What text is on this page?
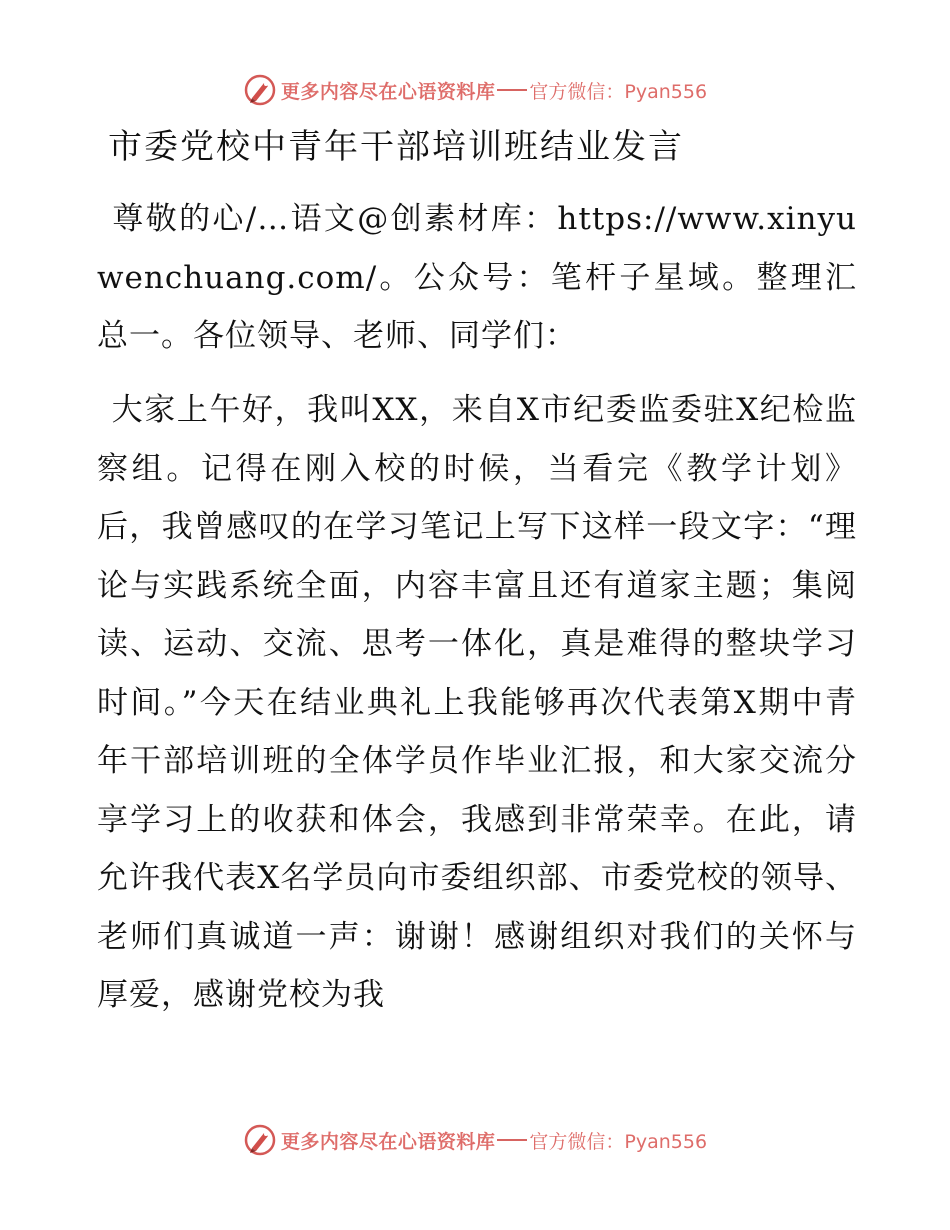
更多内容尽在心语资料库 官方微信：Pyan556
市委党校中青年干部培训班结业发言

尊敬的心/…语文@创素材库：https://www.xinyuwenchuang.com/。公众号：笔杆子星域。整理汇总一。各位领导、老师、同学们：

大家上午好，我叫XX，来自X市纪委监委驻X纪检监察组。记得在刚入校的时候，当看完《教学计划》后，我曾感叹的在学习笔记上写下这样一段文字：“理论与实践系统全面，内容丰富且还有道家主题；集阅读、运动、交流、思考一体化，真是难得的整块学习时间。”今天在结业典礼上我能够再次代表第X期中青年干部培训班的全体学员作毕业汇报，和大家交流分享学习上的收获和体会，我感到非常荣幸。在此，请允许我代表X名学员向市委组织部、市委党校的领导、老师们真诚道一声：谢谢！感谢组织对我们的关怀与厚爱，感谢党校为我

更多内容尽在心语资料库 官方微信：Pyan556
